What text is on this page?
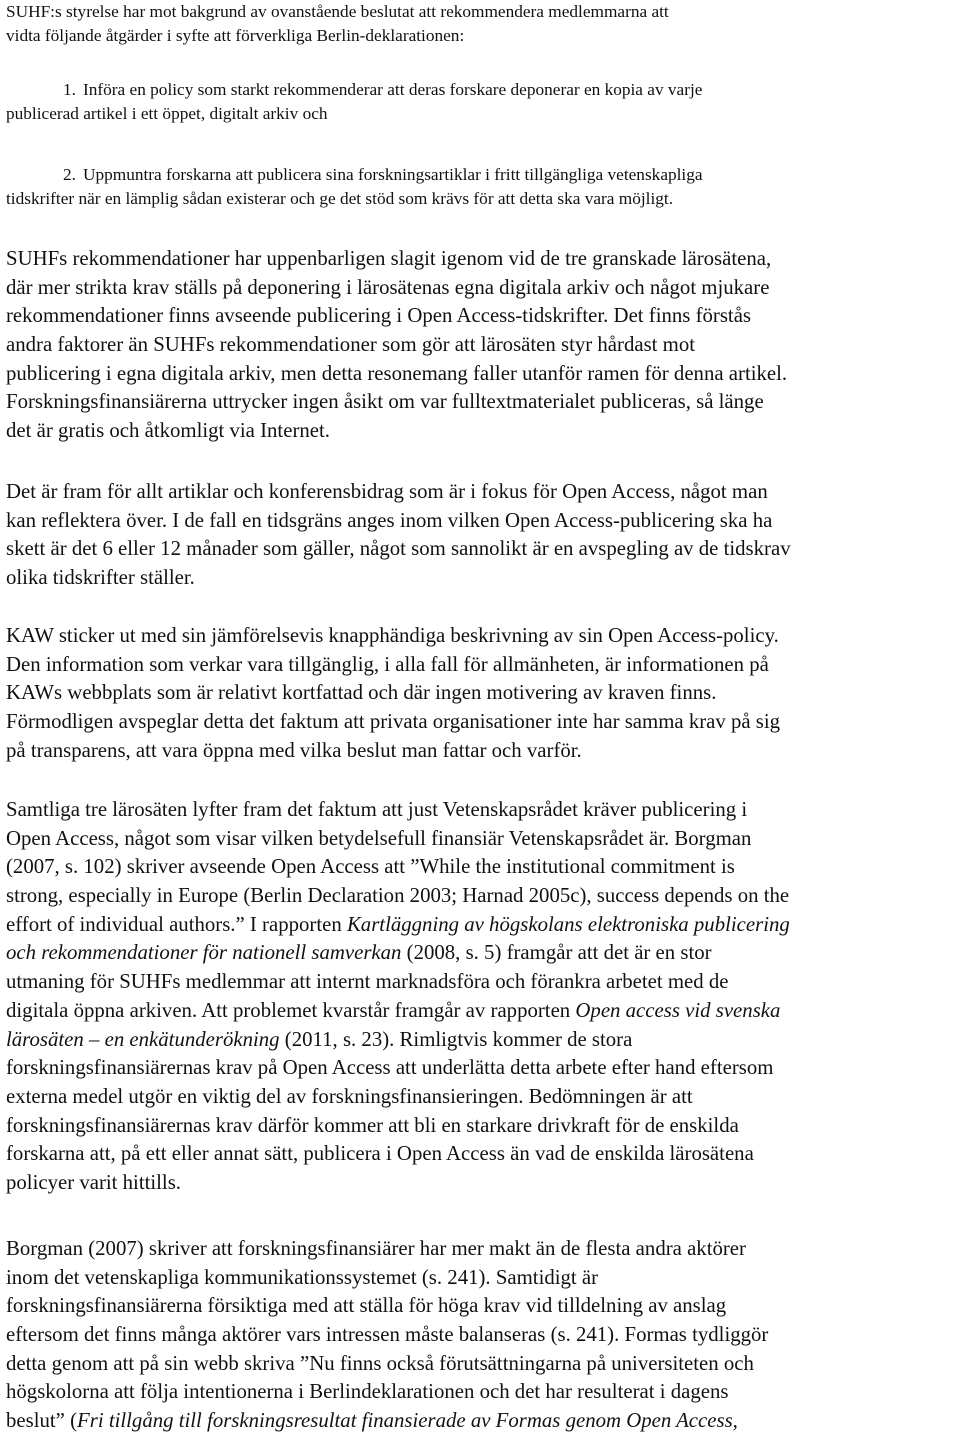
SUHF:s styrelse har mot bakgrund av ovanstående beslutat att rekommendera medlemmarna att
vidta följande åtgärder i syfte att förverkliga Berlin-deklarationen:
1. Införa en policy som starkt rekommenderar att deras forskare deponerar en kopia av varje
publicerad artikel i ett öppet, digitalt arkiv och
2. Uppmuntra forskarna att publicera sina forskningsartiklar i fritt tillgängliga vetenskapliga
tidskrifter när en lämplig sådan existerar och ge det stöd som krävs för att detta ska vara möjligt.
SUHFs rekommendationer har uppenbarligen slagit igenom vid de tre granskade lärosätena,
där mer strikta krav ställs på deponering i lärosätenas egna digitala arkiv och något mjukare
rekommendationer finns avseende publicering i Open Access-tidskrifter. Det finns förstås
andra faktorer än SUHFs rekommendationer som gör att lärosäten styr hårdast mot
publicering i egna digitala arkiv, men detta resonemang faller utanför ramen för denna artikel.
Forskningsfinansiärerna uttrycker ingen åsikt om var fulltextmaterialet publiceras, så länge
det är gratis och åtkomligt via Internet.
Det är fram för allt artiklar och konferensbidrag som är i fokus för Open Access, något man
kan reflektera över. I de fall en tidsgräns anges inom vilken Open Access-publicering ska ha
skett är det 6 eller 12 månader som gäller, något som sannolikt är en avspegling av de tidskrav
olika tidskrifter ställer.
KAW sticker ut med sin jämförelsevis knapphändiga beskrivning av sin Open Access-policy.
Den information som verkar vara tillgänglig, i alla fall för allmänheten, är informationen på
KAWs webbplats som är relativt kortfattad och där ingen motivering av kraven finns.
Förmodligen avspeglar detta det faktum att privata organisationer inte har samma krav på sig
på transparens, att vara öppna med vilka beslut man fattar och varför.
Samtliga tre lärosäten lyfter fram det faktum att just Vetenskapsrådet kräver publicering i
Open Access, något som visar vilken betydelsefull finansiär Vetenskapsrådet är. Borgman
(2007, s. 102) skriver avseende Open Access att ”While the institutional commitment is
strong, especially in Europe (Berlin Declaration 2003; Harnad 2005c), success depends on the
effort of individual authors.” I rapporten Kartläggning av högskolans elektroniska publicering
och rekommendationer för nationell samverkan (2008, s. 5) framgår att det är en stor
utmaning för SUHFs medlemmar att internt marknadsföra och förankra arbetet med de
digitala öppna arkiven. Att problemet kvarstår framgår av rapporten Open access vid svenska
lärosäten – en enkätunderökning (2011, s. 23). Rimligtvis kommer de stora
forskningsfinansiärernas krav på Open Access att underlätta detta arbete efter hand eftersom
externa medel utgör en viktig del av forskningsfinansieringen. Bedömningen är att
forskningsfinansiärernas krav därför kommer att bli en starkare drivkraft för de enskilda
forskarna att, på ett eller annat sätt, publicera i Open Access än vad de enskilda lärosätena
policyer varit hittills.
Borgman (2007) skriver att forskningsfinansiärer har mer makt än de flesta andra aktörer
inom det vetenskapliga kommunikationssystemet (s. 241). Samtidigt är
forskningsfinansiärerna försiktiga med att ställa för höga krav vid tilldelning av anslag
eftersom det finns många aktörer vars intressen måste balanseras (s. 241). Formas tydliggör
detta genom att på sin webb skriva ”Nu finns också förutsättningarna på universiteten och
högskolorna att följa intentionerna i Berlindeklarationen och det har resulterat i dagens
beslut” (Fri tillgång till forskningsresultat finansierade av Formas genom Open Access,
